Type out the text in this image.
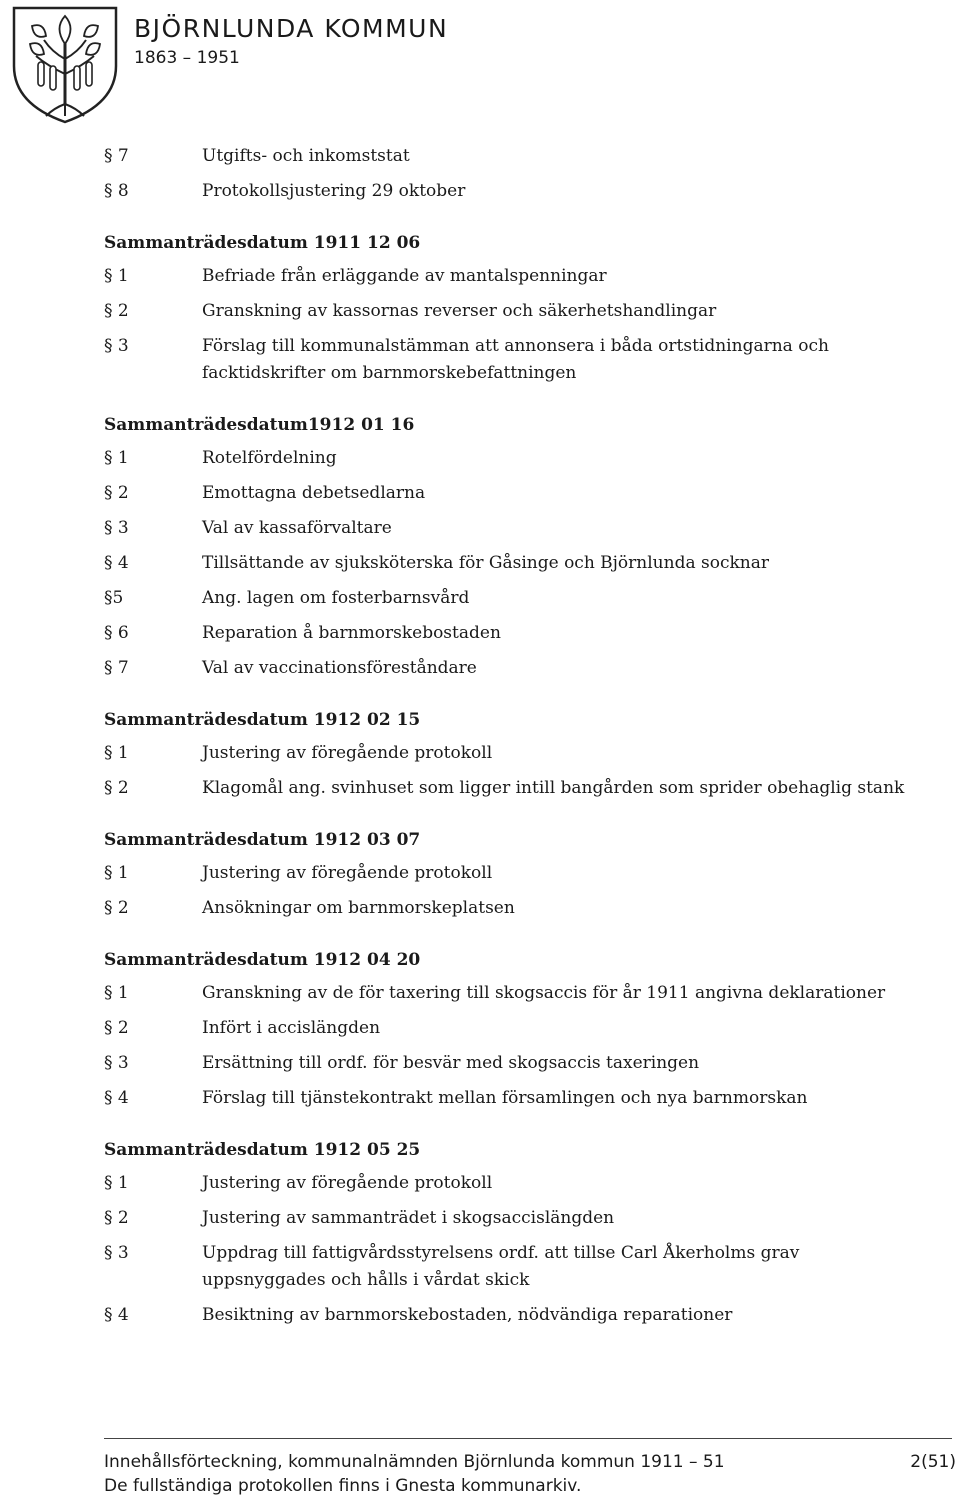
BJÖRNLUNDA KOMMUN
1863 – 1951
§ 7	Utgifts- och inkomststat
§ 8	Protokollsjustering 29 oktober
Sammanträdesdatum 1911 12 06
§ 1	Befriade från erläggande av mantalspenningar
§ 2	Granskning av kassornas reverser och säkerhetshandlingar
§ 3	Förslag till kommunalstämman att annonsera i båda ortstidningarna och facktidskrifter om barnmorskebefattningen
Sammanträdesdatum1912 01 16
§ 1	Rotelfördelning
§ 2	Emottagna debetsedlarna
§ 3	Val av kassaförvaltare
§ 4	Tillsättande av sjuksköterska för Gåsinge och Björnlunda socknar
§5	Ang. lagen om fosterbarnsvård
§ 6	Reparation å barnmorskebostaden
§ 7	Val av vaccinationsföreståndare
Sammanträdesdatum 1912 02 15
§ 1	Justering av föregående protokoll
§ 2	Klagomål ang. svinhuset som ligger intill bangården som sprider obehaglig stank
Sammanträdesdatum 1912 03 07
§ 1	Justering av föregående protokoll
§ 2	Ansökningar om barnmorskeplatsen
Sammanträdesdatum 1912 04 20
§ 1	Granskning av de för taxering till skogsaccis för år 1911 angivna deklarationer
§ 2	Infört i accislängden
§ 3	Ersättning till ordf. för besvär med skogsaccis taxeringen
§ 4	Förslag till tjänstekontrakt mellan församlingen och nya barnmorskan
Sammanträdesdatum 1912 05 25
§ 1	Justering av föregående protokoll
§ 2	Justering av sammanträdet i skogsaccislängden
§ 3	Uppdrag till fattigvårdsstyrelsens ordf. att tillse Carl Åkerholms grav uppsnyggades och hålls i vårdat skick
§ 4	Besiktning av barnmorskebostaden, nödvändiga reparationer
Innehållsförteckning, kommunalnämnden Björnlunda kommun 1911 – 51
De fullständiga protokollen finns i Gnesta kommunarkiv.
2(51)
